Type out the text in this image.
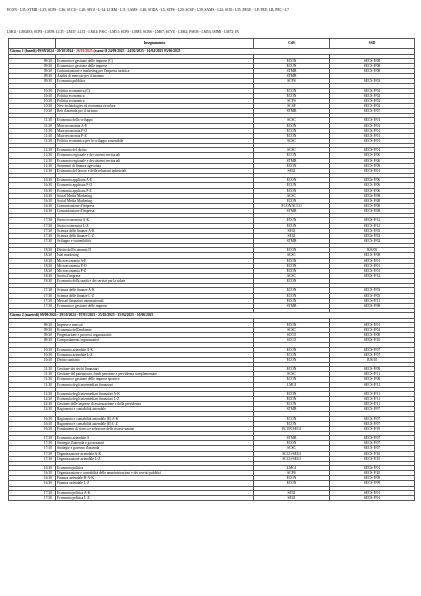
ECON - L35; STMB - L35; SCPS - L36; SCCO - L20; SEGI - L-14; LCEM - L11; LAMS - L40; SODA - L5; STPS - L20; SCSF - L39; SAMS - L22; SCB - L35; PEGE - LP; PEE; LB; PEC - L7
LMGI - LMGEO; SCPS - LM59; LLTI - LM37; LLCI - LM14; PSIC - LM51; SCPS - LM85; SCBS - LM67; SCVU - LM62; PSEM - LM53; ISIMI - LM72; IN
	Insegnamento	CdS	SSD
Giorno 1 (lunedì) 09/09/2024 - 20/10/2024 - 26/01/2025 (esami II 24/09/2025 - 24/02/2025 - 14/04/2025 03/06/2025			

09:30	Economia e gestione delle imprese (C)	ECON	SECS-P/08
09:30	Economia e gestione delle imprese	ECON	SECS-P/08
09:30	Comunicazione e marketing per l'impresa turistica	STMB	SECS-P/08
09:30	Analisi di mercato per il turismo	STMB	
09:30	Economia pubblica	SCPS	SECS-P/03

10:30	Politica economica (C)	ECON	SECS-P/02
10:30	Politica economica	ECON	SECS-P/02
10:30	Politica economica	SCPS	SECS-P/02
10:30	New technologies ed economia circolare	SCSF	SECS-P/02
10:30	Reti d'azienda per il turismo	STMB	SECS-P/07

11:30	Economia dello sviluppo	SCSC	SECS-P/01
11:30	Macroeconomia A-E	ECON	SECS-P/01
11:30	Macroeconomia F-O	ECON	SECS-P/01
11:30	Macroeconomia P-Z	ECON	SECS-P/01
11:30	Politica economica per lo sviluppo sostenibile	SCSC	SECS-P/01

12:30	Economia del diritto	SCSC	SECS-P/01
12:30	Economia regionale e dei sistemi territoriali	ECON	SECS-P/06
12:30	Economia regionale e dei sistemi territoriali	STMB	SECS-P/06
12:30	Strumenti di finanza agevolata	ECON	SECS-P/09
12:30	Economia del lavoro e delle relazioni industriali	SEGI	SECS-P/01

16:30	Economia applicata A-E	ECON	SECS-P/06
16:30	Economia applicata F-O	ECON	SECS-P/06
16:30	Economia applicata P-Z	ECON	SECS-P/06
16:30	Social Media Marketing	SCSC	SECS-P/08
16:30	Social Media Marketing	ECON	SECS-P/08
16:30	Comunicazione d'impresa	ECON/SCCO	SECS-P/08
16:30	Comunicazione d'impresa	STMB	SECS-P/08

17:30	Storia economica A-K	ECON	SECS-P/12
17:30	Storia economica L-Z	ECON	SECS-P/12
17:30	Scienza delle finanze A-K	SEGI	SECS-P/03
17:30	Scienza delle finanze L-Z	SEGI	SECS-P/03
17:30	Sviluppo e sostenibilità	STMB	SECS-P/02

18:30	Diritto dell'economia D	ECON	IUS/05
18:30	Istat marketing	SCSC	SECS-P/08
18:30	Microeconomia A-E	ECON	SECS-P/01
18:30	Microeconomia F-O	ECON	SECS-P/01
18:30	Microeconomia P-Z	ECON	SECS-P/01
18:30	Storia d'impresa	SCSC	SECS-P/12
18:30	Economia della sanità e dei servizi per la salute	ECON	

17:30	Scienza delle finanze A-K	ECON	SECS-P/03
17:30	Scienza delle finanze L-Z	ECON	SECS-P/03
17:30	Mercati finanziari internazionali	ECON	SECS-P/11
17:30	Economia e gestione delle imprese	STMB	SECS-P/08

Giorno 2 (martedì) 09/09/2024 - 29/10/2024 - 07/01/2025 - 25/02/2025 - 15/04/2025 - 10/06/2025			

09:30	Imprese e mercati	ECON	SECS-P/01
09:30	Economia dell'ambiente	SCSC	SECS-P/02
09:30	Progettazione e processi organizzativi	SCCO	SECS-P/08
09:30	Comportamenti organizzativi	SCCO	SECS-P/10

10:30	Economia aziendale A-K	ECON	SECS-P/07
10:30	Economia aziendale L-Z	ECON	SECS-P/07
10:30	Diritto sanitario	ECON	IUS/10

11:30	Gestione dei rischi finanziari	ECON	SECS-P/09
11:30	Gestione del patrimonio, fondi pensione e previdenza complementare	SCSC	SECS-P/11
11:30	Economia e gestione delle imprese sportive	ECON	SECS-P/08
11:30	Economia degli intermediari finanziari	LMGI	SECS-P/11

12:30	Economia degli intermediari finanziari A-K	ECON	SECS-P/11
12:30	Economia degli intermediari finanziari L-Z	ECON	SECS-P/11
12:30	Gestione delle imprese di assicurazione e della previdenza	ECON	SECS-P/11
12:30	Ragioneria e contabilità aziendale	STMB	SECS-P/07

16:30	Ragioneria e contabilità aziendale (E) A-K	ECON	SECS-P/07
16:30	Ragioneria e contabilità aziendale (E) L-Z	ECON	SECS-P/07
16:30	Fondamenti di ricerca e selezione delle risorse umane	ECON/SEGI	SECS-P/10

17:30	Economia aziendale A	STMB	SECS-P/07
17:30	Strategie d'azienda e governance	ECON	SECS-P/07
17:30	Strategie e governo d'azienda	SCSC	SECS-P/07
17:30	Organizzazione aziendale A-K	SCCO/SEGI	SECS-P/10
17:30	Organizzazione aziendale L-Z	SCCO/SEGI	SECS-P/10

16:30	Economia politica	LMGI	SECS-P/01
16:30	Organizzazione e contabilità delle amministrazioni e dei servizi pubblici	SCPS	SECS-P/10
16:30	Finanza aziendale H-A-K	ECON	SECS-P/09
16:30	Finanza aziendale L-Z	ECON	SECS-P/09

17:30	Economia politica A-K	SEGI	SECS-P/01
17:30	Economia politica L-Z	SEGI	SECS-P/01
